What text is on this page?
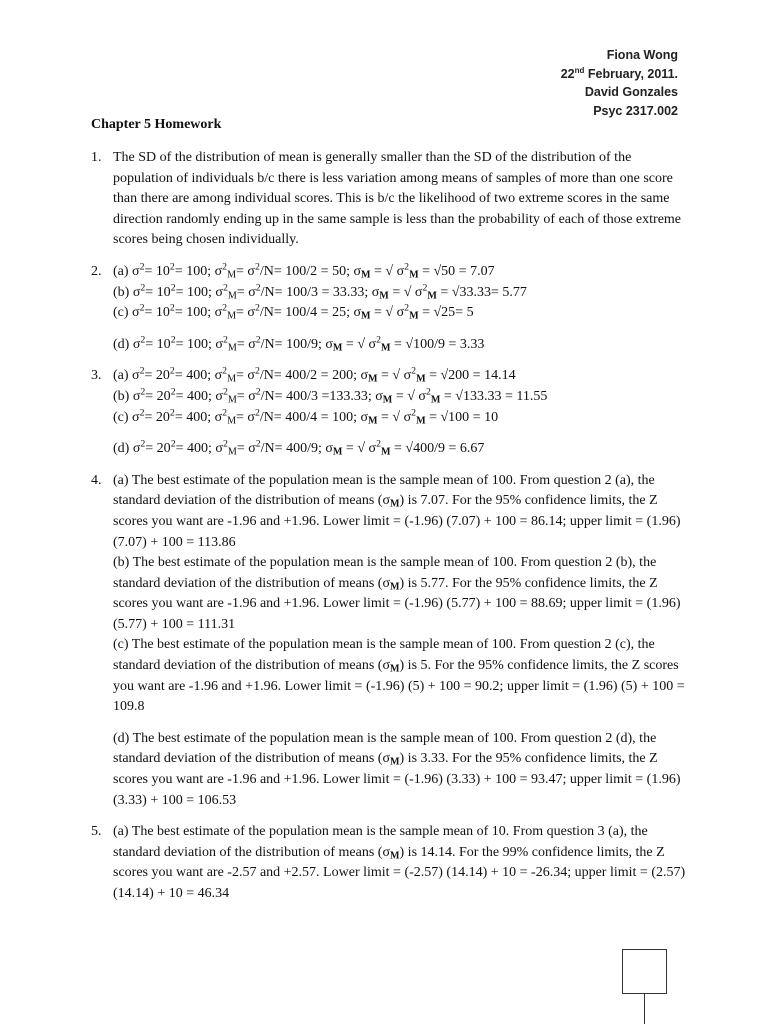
Fiona Wong
22nd February, 2011.
David Gonzales
Psyc 2317.002
Chapter 5 Homework
1. The SD of the distribution of mean is generally smaller than the SD of the distribution of the population of individuals b/c there is less variation among means of samples of more than one score than there are among individual scores. This is b/c the likelihood of two extreme scores in the same direction randomly ending up in the same sample is less than the probability of each of those extreme scores being chosen individually.

2. (a) $\sigma^2= 10^2= 100$; $\sigma^2M= \sigma^2/N= 100/2 = 50$; σM = √ $\sigma^2M = √50 = 7.07$
(b) $\sigma^2= 10^2= 100$; $\sigma^2M= \sigma^2/N= 100/3 = 33.33$; σM = √ $\sigma^2M = √33.33= 5.77$
(c) $\sigma^2= 10^2= 100$; $\sigma^2M= \sigma^2/N= 100/4 = 25$; σM = √ $\sigma^2M = √25= 5$
(d) $\sigma^2= 10^2= 100$; $\sigma^2M= \sigma^2/N= 100/9$; σM = √ $\sigma^2M = √100/9 = 3.33$
3. (a) $\sigma^2= 20^2= 400$; $\sigma^2M= \sigma^2/N= 400/2 = 200$; σM = √ $\sigma^2M = √200 = 14.14$
(b) $\sigma^2= 20^2= 400$; $\sigma^2M= \sigma^2/N= 400/3 =133.33$; σM = √ $\sigma^2M = √133.33 = 11.55$
(c) $\sigma^2= 20^2= 400$; $\sigma^2M= \sigma^2/N= 400/4 = 100$; σM = √ $\sigma^2M = √100 = 10$
(d) $\sigma^2= 20^2= 400$; $\sigma^2M= \sigma^2/N= 400/9$; σM = √ $\sigma^2M = √400/9 = 6.67$
4. (a) The best estimate of the population mean is the sample mean of 100. From question 2 (a), the standard deviation of the distribution of means (σM) is 7.07. For the 95% confidence limits, the Z scores you want are -1.96 and +1.96. Lower limit = (-1.96) (7.07) + 100 = 86.14; upper limit = (1.96)(7.07) + 100 = 113.86

(b) The best estimate of the population mean is the sample mean of 100. From question 2 (b), the standard deviation of the distribution of means (σM) is 5.77. For the 95% confidence limits, the Z scores you want are -1.96 and +1.96. Lower limit = (-1.96) (5.77) + 100 = 88.69; upper limit = (1.96) (5.77) + 100 = 111.31

(c) The best estimate of the population mean is the sample mean of 100. From question 2 (c), the standard deviation of the distribution of means (σM) is 5. For the 95% confidence limits, the Z scores you want are -1.96 and +1.96. Lower limit = (-1.96) (5) + 100 = 90.2; upper limit = (1.96) (5) + 100 = 109.8

(d) The best estimate of the population mean is the sample mean of 100. From question 2 (d), the standard deviation of the distribution of means (σM) is 3.33. For the 95% confidence limits, the Z scores you want are -1.96 and +1.96. Lower limit = (-1.96) (3.33) + 100 = 93.47; upper limit = (1.96) (3.33) + 100 = 106.53

5. (a) The best estimate of the population mean is the sample mean of 10. From question 3 (a), the standard deviation of the distribution of means (σM) is 14.14. For the 99% confidence limits, the Z scores you want are -2.57 and +2.57. Lower limit = (-2.57) (14.14) + 10 = -26.34; upper limit = (2.57) (14.14) + 10 = 46.34
